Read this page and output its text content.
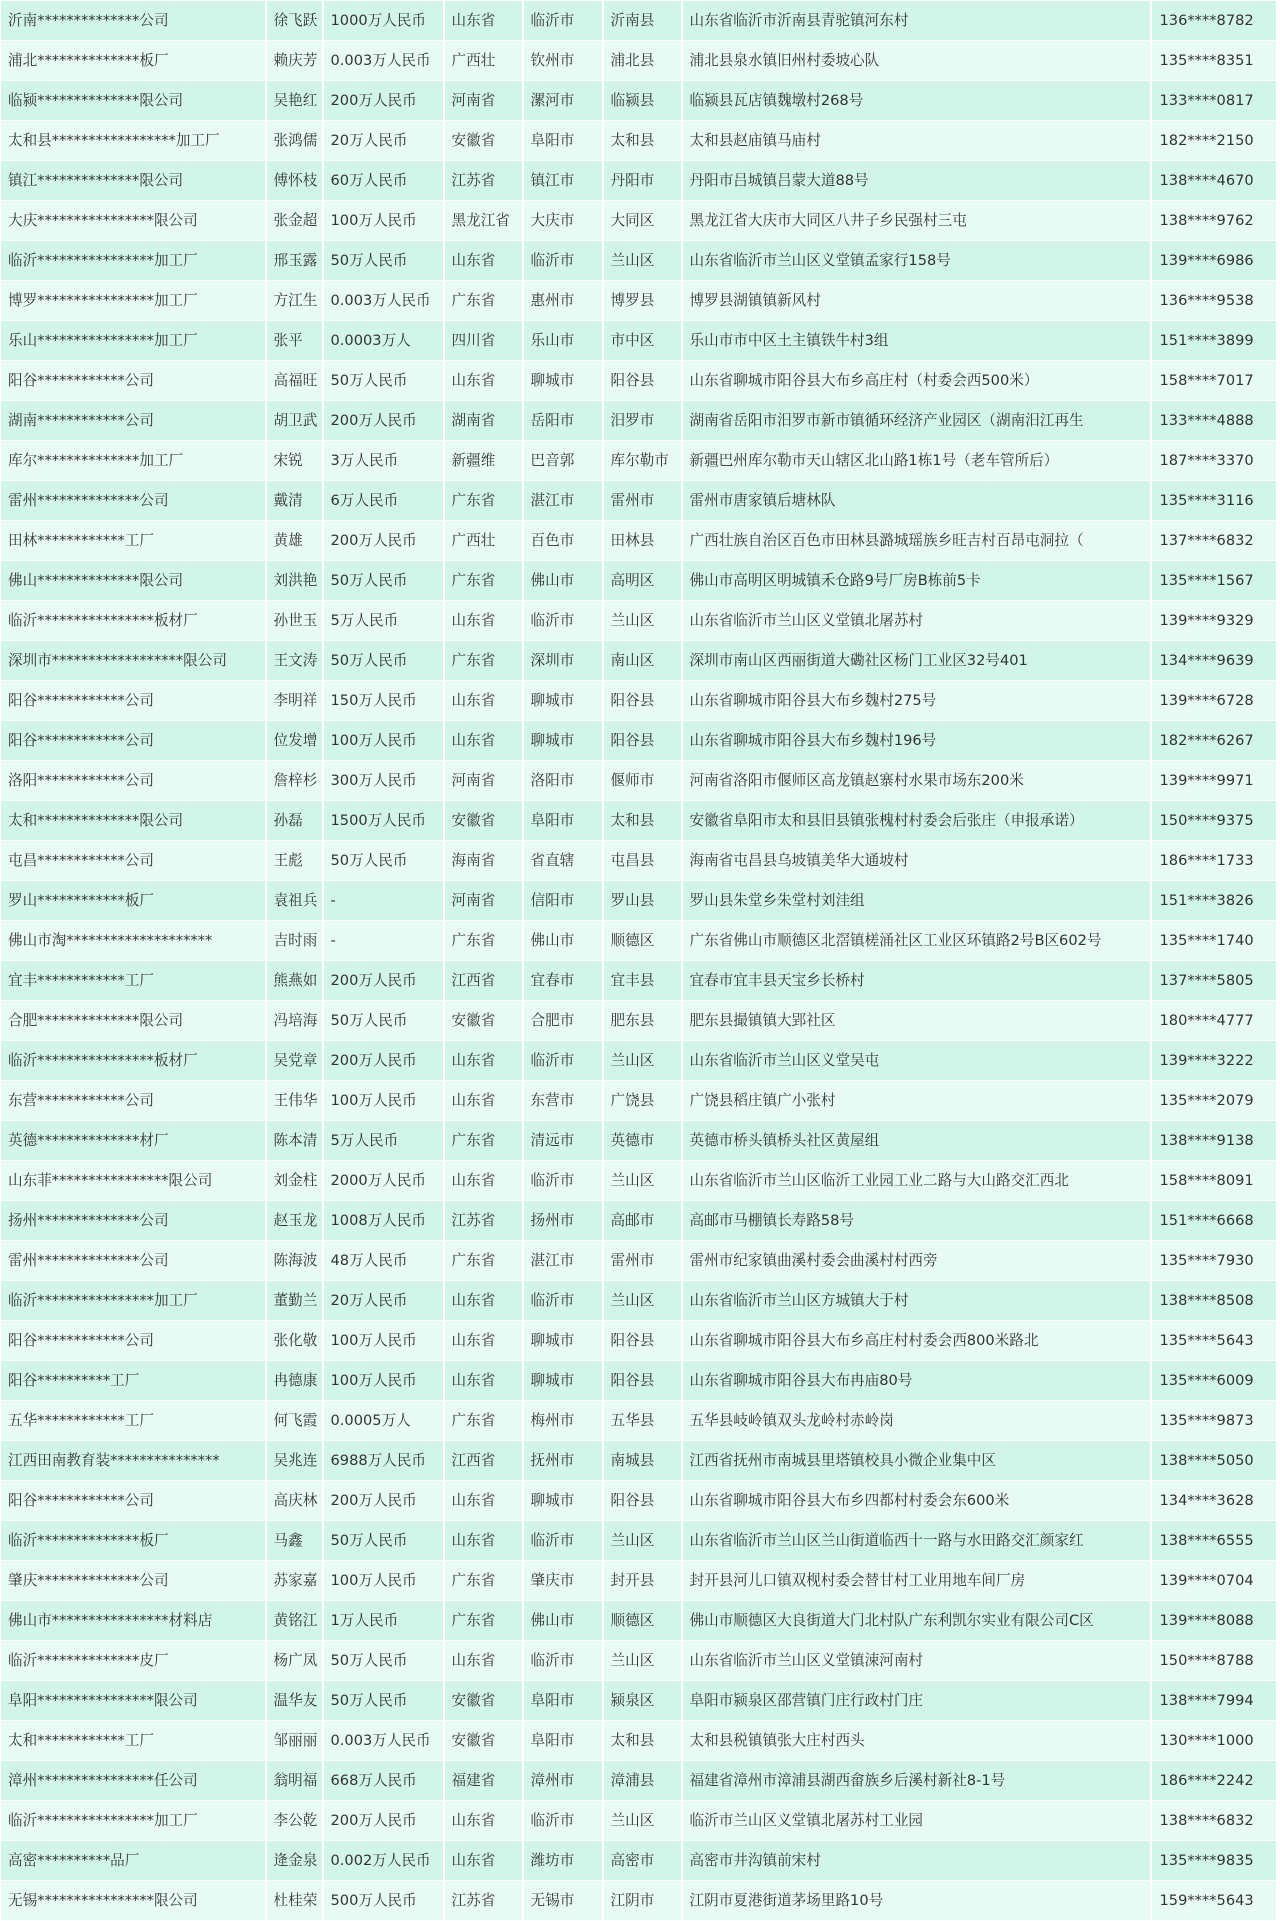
沂南**************公司	徐飞跃	1000万人民币	山东省	临沂市	沂南县	山东省临沂市沂南县青驼镇河东村	136****8782
浦北**************板厂	赖庆芳	0.003万人民币	广西壮	钦州市	浦北县	浦北县泉水镇旧州村委坡心队	135****8351
临颍**************限公司	吴艳红	200万人民币	河南省	漯河市	临颍县	临颍县瓦店镇魏墩村268号	133****0817
太和县*****************加工厂	张鸿儒	20万人民币	安徽省	阜阳市	太和县	太和县赵庙镇马庙村	182****2150
镇江**************限公司	傅怀枝	60万人民币	江苏省	镇江市	丹阳市	丹阳市吕城镇吕蒙大道88号	138****4670
大庆****************限公司	张金超	100万人民币	黑龙江省	大庆市	大同区	黑龙江省大庆市大同区八井子乡民强村三屯	138****9762
临沂****************加工厂	邢玉露	50万人民币	山东省	临沂市	兰山区	山东省临沂市兰山区义堂镇孟家行158号	139****6986
博罗****************加工厂	方江生	0.003万人民币	广东省	惠州市	博罗县	博罗县湖镇镇新风村	136****9538
乐山****************加工厂	张平	0.0003万人	四川省	乐山市	市中区	乐山市市中区土主镇铁牛村3组	151****3899
阳谷************公司	高福旺	50万人民币	山东省	聊城市	阳谷县	山东省聊城市阳谷县大布乡高庄村（村委会西500米）	158****7017
湖南************公司	胡卫武	200万人民币	湖南省	岳阳市	汨罗市	湖南省岳阳市汨罗市新市镇循环经济产业园区（湖南汨江再生	133****4888
库尔**************加工厂	宋锐	3万人民币	新疆维	巴音郭	库尔勒市	新疆巴州库尔勒市天山辖区北山路1栋1号（老车管所后）	187****3370
雷州**************公司	戴清	6万人民币	广东省	湛江市	雷州市	雷州市唐家镇后塘林队	135****3116
田林************工厂	黄雄	200万人民币	广西壮	百色市	田林县	广西壮族自治区百色市田林县潞城瑶族乡旺吉村百昂屯洞拉（	137****6832
佛山**************限公司	刘洪艳	50万人民币	广东省	佛山市	高明区	佛山市高明区明城镇禾仓路9号厂房B栋前5卡	135****1567
临沂****************板材厂	孙世玉	5万人民币	山东省	临沂市	兰山区	山东省临沂市兰山区义堂镇北屠苏村	139****9329
深圳市******************限公司	王文涛	50万人民币	广东省	深圳市	南山区	深圳市南山区西丽街道大磡社区杨门工业区32号401	134****9639
阳谷************公司	李明祥	150万人民币	山东省	聊城市	阳谷县	山东省聊城市阳谷县大布乡魏村275号	139****6728
阳谷************公司	位发增	100万人民币	山东省	聊城市	阳谷县	山东省聊城市阳谷县大布乡魏村196号	182****6267
洛阳************公司	詹梓杉	300万人民币	河南省	洛阳市	偃师市	河南省洛阳市偃师区高龙镇赵寨村水果市场东200米	139****9971
太和**************限公司	孙磊	1500万人民币	安徽省	阜阳市	太和县	安徽省阜阳市太和县旧县镇张槐村村委会后张庄（申报承诺）	150****9375
屯昌************公司	王彪	50万人民币	海南省	省直辖	屯昌县	海南省屯昌县乌坡镇美华大通坡村	186****1733
罗山************板厂	袁祖兵	-	河南省	信阳市	罗山县	罗山县朱堂乡朱堂村刘洼组	151****3826
佛山市淘********************	吉时雨	-	广东省	佛山市	顺德区	广东省佛山市顺德区北滘镇槎涌社区工业区环镇路2号B区602号	135****1740
宜丰************工厂	熊燕如	200万人民币	江西省	宜春市	宜丰县	宜春市宜丰县天宝乡长桥村	137****5805
合肥**************限公司	冯培海	50万人民币	安徽省	合肥市	肥东县	肥东县撮镇镇大郢社区	180****4777
临沂****************板材厂	吴党章	200万人民币	山东省	临沂市	兰山区	山东省临沂市兰山区义堂吴屯	139****3222
东营************公司	王伟华	100万人民币	山东省	东营市	广饶县	广饶县稻庄镇广小张村	135****2079
英德**************材厂	陈本清	5万人民币	广东省	清远市	英德市	英德市桥头镇桥头社区黄屋组	138****9138
山东菲****************限公司	刘金柱	2000万人民币	山东省	临沂市	兰山区	山东省临沂市兰山区临沂工业园工业二路与大山路交汇西北	158****8091
扬州**************公司	赵玉龙	1008万人民币	江苏省	扬州市	高邮市	高邮市马棚镇长寿路58号	151****6668
雷州**************公司	陈海波	48万人民币	广东省	湛江市	雷州市	雷州市纪家镇曲溪村委会曲溪村村西旁	135****7930
临沂****************加工厂	董勤兰	20万人民币	山东省	临沂市	兰山区	山东省临沂市兰山区方城镇大于村	138****8508
阳谷************公司	张化敬	100万人民币	山东省	聊城市	阳谷县	山东省聊城市阳谷县大布乡高庄村村委会西800米路北	135****5643
阳谷**********工厂	冉德康	100万人民币	山东省	聊城市	阳谷县	山东省聊城市阳谷县大布冉庙80号	135****6009
五华************工厂	何飞霞	0.0005万人	广东省	梅州市	五华县	五华县岐岭镇双头龙岭村赤岭岗	135****9873
江西田南教育装***************	吴兆连	6988万人民币	江西省	抚州市	南城县	江西省抚州市南城县里塔镇校具小微企业集中区	138****5050
阳谷************公司	高庆林	200万人民币	山东省	聊城市	阳谷县	山东省聊城市阳谷县大布乡四都村村委会东600米	134****3628
临沂**************板厂	马鑫	50万人民币	山东省	临沂市	兰山区	山东省临沂市兰山区兰山街道临西十一路与水田路交汇颜家红	138****6555
肇庆**************公司	苏家嘉	100万人民币	广东省	肇庆市	封开县	封开县河儿口镇双枧村委会替甘村工业用地车间厂房	139****0704
佛山市****************材料店	黄铭江	1万人民币	广东省	佛山市	顺德区	佛山市顺德区大良街道大门北村队广东利凯尔实业有限公司C区	139****8088
临沂**************皮厂	杨广凤	50万人民币	山东省	临沂市	兰山区	山东省临沂市兰山区义堂镇涑河南村	150****8788
阜阳****************限公司	温华友	50万人民币	安徽省	阜阳市	颍泉区	阜阳市颍泉区邵营镇门庄行政村门庄	138****7994
太和************工厂	邹丽丽	0.003万人民币	安徽省	阜阳市	太和县	太和县税镇镇张大庄村西头	130****1000
漳州****************任公司	翁明福	668万人民币	福建省	漳州市	漳浦县	福建省漳州市漳浦县湖西畲族乡后溪村新社8-1号	186****2242
临沂****************加工厂	李公乾	200万人民币	山东省	临沂市	兰山区	临沂市兰山区义堂镇北屠苏村工业园	138****6832
高密**********品厂	逄金泉	0.002万人民币	山东省	潍坊市	高密市	高密市井沟镇前宋村	135****9835
无锡****************限公司	杜桂荣	500万人民币	江苏省	无锡市	江阴市	江阴市夏港街道茅场里路10号	159****5643
